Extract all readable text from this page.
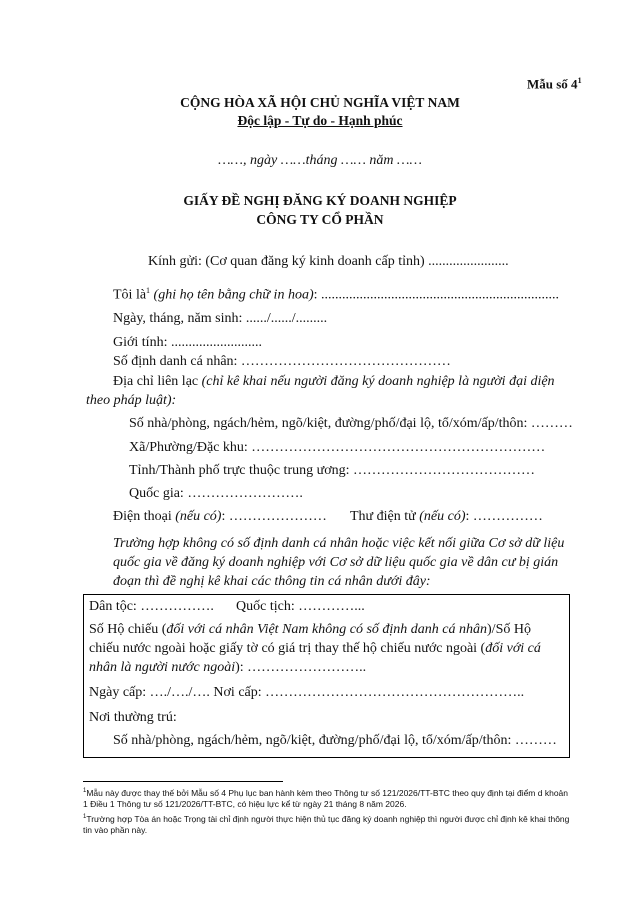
Mẫu số $4^1$
CỘNG HÒA XÃ HỘI CHỦ NGHĨA VIỆT NAM
Độc lập - Tự do - Hạnh phúc
……, ngày ……tháng …… năm ……
GIẤY ĐỀ NGHỊ ĐĂNG KÝ DOANH NGHIỆP
CÔNG TY CỔ PHẦN
Kính gửi: (Cơ quan đăng ký kinh doanh cấp tỉnh) .......................
Tôi $là^1$ (ghi họ tên bằng chữ in hoa): ....................................................................
Ngày, tháng, năm sinh: ....../....../.........
Giới tính: ..........................
Số định danh cá nhân: ………………………………………
Địa chỉ liên lạc (chỉ kê khai nếu người đăng ký doanh nghiệp là người đại diện
theo pháp luật):
Số nhà/phòng, ngách/hẻm, ngõ/kiệt, đường/phố/đại lộ, tổ/xóm/ấp/thôn: ………
Xã/Phường/Đặc khu: ………………………………………………………
Tỉnh/Thành phố trực thuộc trung ương: …………………………………
Quốc gia: …………………….
Điện thoại (nếu có): ………………… Thư điện tử (nếu có): ……………
Trường hợp không có số định danh cá nhân hoặc việc kết nối giữa Cơ sở dữ liệu quốc gia về đăng ký doanh nghiệp với Cơ sở dữ liệu quốc gia về dân cư bị gián đoạn thì đề nghị kê khai các thông tin cá nhân dưới đây:
Dân tộc: ……………. Quốc tịch: …………...
Số Hộ chiếu (đối với cá nhân Việt Nam không có số định danh cá nhân)/Số Hộ
chiếu nước ngoài hoặc giấy tờ có giá trị thay thế hộ chiếu nước ngoài (đối với cá
nhân là người nước ngoài): ……………………..
Ngày cấp: …./…./…. Nơi cấp: ………………………………………………..
Nơi thường trú:
Số nhà/phòng, ngách/hẻm, ngõ/kiệt, đường/phố/đại lộ, tổ/xóm/ấp/thôn: ………
$^1$Mẫu này được thay thế bởi Mẫu số 4 Phụ lục ban hành kèm theo Thông tư số 121/2026/TT-BTC theo quy định tại điểm d khoản 1 Điều 1 Thông tư số 121/2026/TT-BTC, có hiệu lực kể từ ngày 21 tháng 8 năm 2026.
$^1$Trường hợp Tòa án hoặc Trọng tài chỉ định người thực hiện thủ tục đăng ký doanh nghiệp thì người được chỉ định kê khai thông tin vào phần này.
